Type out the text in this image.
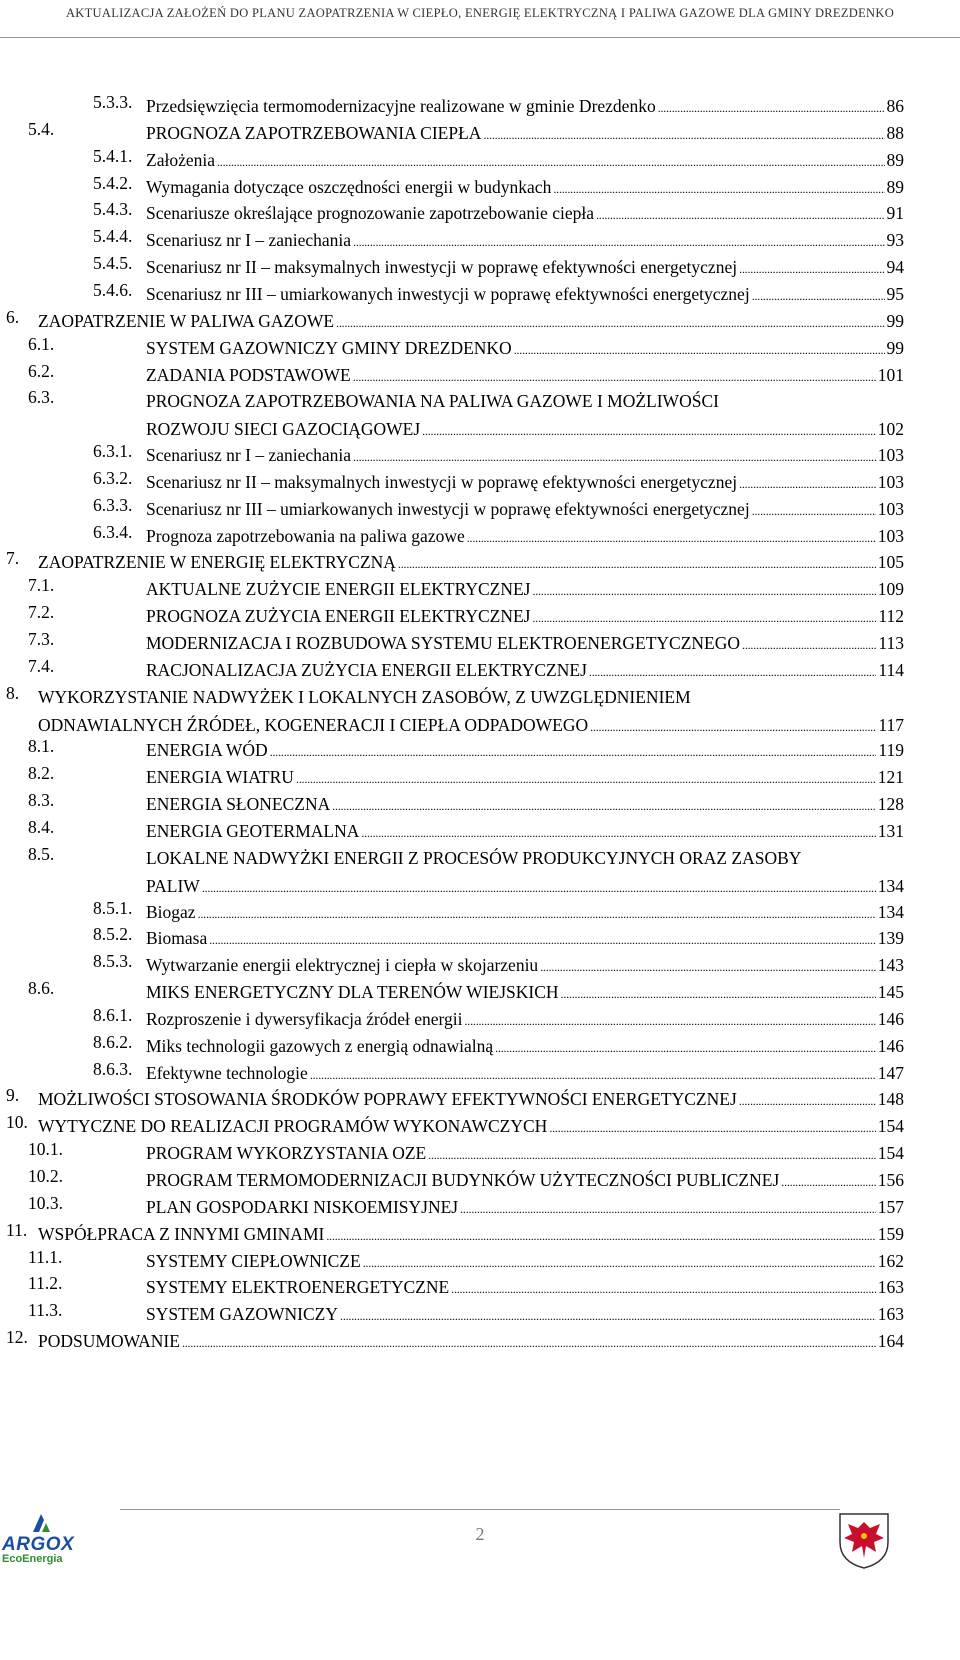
AKTUALIZACJA ZAŁOŻEŃ DO PLANU ZAOPATRZENIA W CIEPŁO, ENERGIĘ ELEKTRYCZNĄ I PALIWA GAZOWE DLA GMINY DREZDENKO
5.3.3. Przedsięwzięcia termomodernizacyjne realizowane w gminie Drezdenko . . .	86
5.4.	PROGNOZA ZAPOTRZEBOWANIA CIEPŁA . . .	88
5.4.1. Założenia . . .	89
5.4.2. Wymagania dotyczące oszczędności energii w budynkach . . .	89
5.4.3. Scenariusze określające prognozowanie zapotrzebowanie ciepła . . .	91
5.4.4. Scenariusz nr I – zaniechania . . .	93
5.4.5. Scenariusz nr II – maksymalnych inwestycji w poprawę efektywności energetycznej . . .	94
5.4.6. Scenariusz nr III – umiarkowanych inwestycji w poprawę efektywności energetycznej . . .	95
6. ZAOPATRZENIE W PALIWA GAZOWE . . .	99
6.1.	SYSTEM GAZOWNICZY GMINY DREZDENKO . . .	99
6.2.	ZADANIA PODSTAWOWE . . .	101
6.3.	PROGNOZA ZAPOTRZEBOWANIA NA PALIWA GAZOWE I MOŻLIWOŚCI
ROZWOJU SIECI GAZOCIĄGOWEJ . . .	102
6.3.1. Scenariusz nr I – zaniechania . . .	103
6.3.2. Scenariusz nr II – maksymalnych inwestycji w poprawę efektywności energetycznej . . .	103
6.3.3. Scenariusz nr III – umiarkowanych inwestycji w poprawę efektywności energetycznej . . .	103
6.3.4. Prognoza zapotrzebowania na paliwa gazowe . . .	103
7. ZAOPATRZENIE W ENERGIĘ ELEKTRYCZNĄ . . .	105
7.1.	AKTUALNE ZUŻYCIE ENERGII ELEKTRYCZNEJ . . .	109
7.2.	PROGNOZA ZUŻYCIA ENERGII ELEKTRYCZNEJ . . .	112
7.3.	MODERNIZACJA I ROZBUDOWA SYSTEMU ELEKTROENERGETYCZNEGO . . .	113
7.4.	RACJONALIZACJA ZUŻYCIA ENERGII ELEKTRYCZNEJ . . .	114
8. WYKORZYSTANIE NADWYŻEK I LOKALNYCH ZASOBÓW, Z UWZGLĘDNIENIEM
ODNAWIALNYCH ŹRÓDEŁ, KOGENERACJI I CIEPŁA ODPADOWEGO . . .	117
8.1.	ENERGIA WÓD . . .	119
8.2.	ENERGIA WIATRU . . .	121
8.3.	ENERGIA SŁONECZNA . . .	128
8.4.	ENERGIA GEOTERMALNA . . .	131
8.5.	LOKALNE NADWYŻKI ENERGII Z PROCESÓW PRODUKCYJNYCH ORAZ ZASOBY
PALIW . . .	134
8.5.1. Biogaz . . .	134
8.5.2. Biomasa . . .	139
8.5.3. Wytwarzanie energii elektrycznej i ciepła w skojarzeniu . . .	143
8.6.	MIKS ENERGETYCZNY DLA TERENÓW WIEJSKICH . . .	145
8.6.1. Rozproszenie i dywersyfikacja źródeł energii . . .	146
8.6.2. Miks technologii gazowych z energią odnawialną . . .	146
8.6.3. Efektywne technologie . . .	147
9. MOŻLIWOŚCI STOSOWANIA ŚRODKÓW POPRAWY EFEKTYWNOŚCI ENERGETYCZNEJ . . .	148
10. WYTYCZNE DO REALIZACJI PROGRAMÓW WYKONAWCZYCH . . .	154
10.1.	PROGRAM WYKORZYSTANIA OZE . . .	154
10.2.	PROGRAM TERMOMODERNIZACJI BUDYNKÓW UŻYTECZNOŚCI PUBLICZNEJ . . .	156
10.3.	PLAN GOSPODARKI NISKOEMISYJNEJ . . .	157
11. WSPÓŁPRACA Z INNYMI GMINAMI . . .	159
11.1.	SYSTEMY CIEPŁOWNICZE . . .	162
11.2.	SYSTEMY ELEKTROENERGETYCZNE . . .	163
11.3.	SYSTEM GAZOWNICZY . . .	163
12. PODSUMOWANIE . . .	164
ARGOX
EcoEnergia
2
